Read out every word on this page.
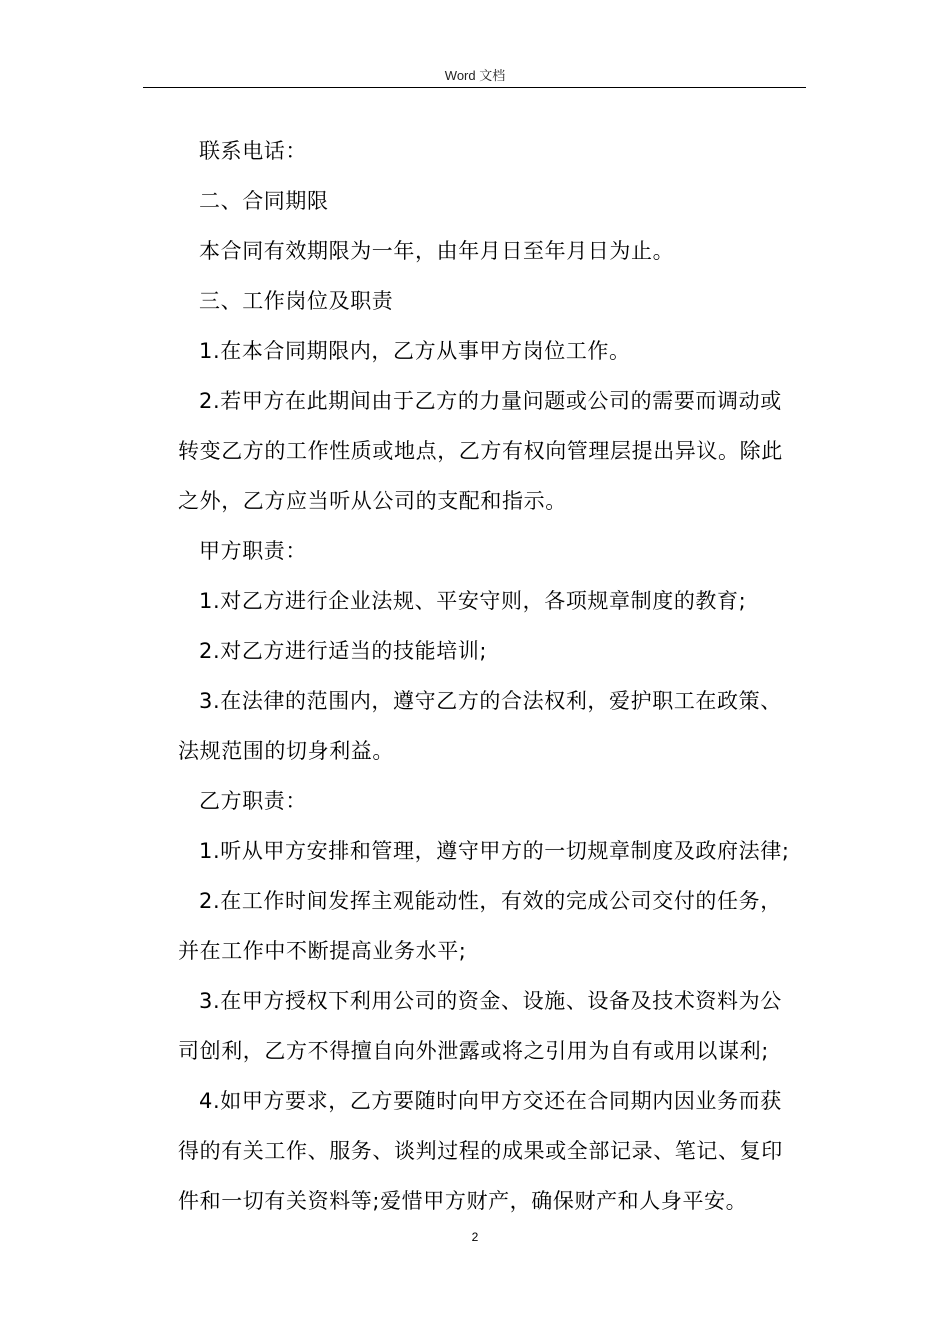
Word 文档

联系电话：

二、合同期限

本合同有效期限为一年，由年月日至年月日为止。

三、工作岗位及职责

1.在本合同期限内，乙方从事甲方岗位工作。

2.若甲方在此期间由于乙方的力量问题或公司的需要而调动或
转变乙方的工作性质或地点，乙方有权向管理层提出异议。除此
之外，乙方应当听从公司的支配和指示。

甲方职责：

1.对乙方进行企业法规、平安守则，各项规章制度的教育;

2.对乙方进行适当的技能培训;

3.在法律的范围内，遵守乙方的合法权利，爱护职工在政策、
法规范围的切身利益。

乙方职责：

1.听从甲方安排和管理，遵守甲方的一切规章制度及政府法律;

2.在工作时间发挥主观能动性，有效的完成公司交付的任务，
并在工作中不断提高业务水平;

3.在甲方授权下利用公司的资金、设施、设备及技术资料为公
司创利，乙方不得擅自向外泄露或将之引用为自有或用以谋利;

4.如甲方要求，乙方要随时向甲方交还在合同期内因业务而获
得的有关工作、服务、谈判过程的成果或全部记录、笔记、复印
件和一切有关资料等;爱惜甲方财产，确保财产和人身平安。

2
